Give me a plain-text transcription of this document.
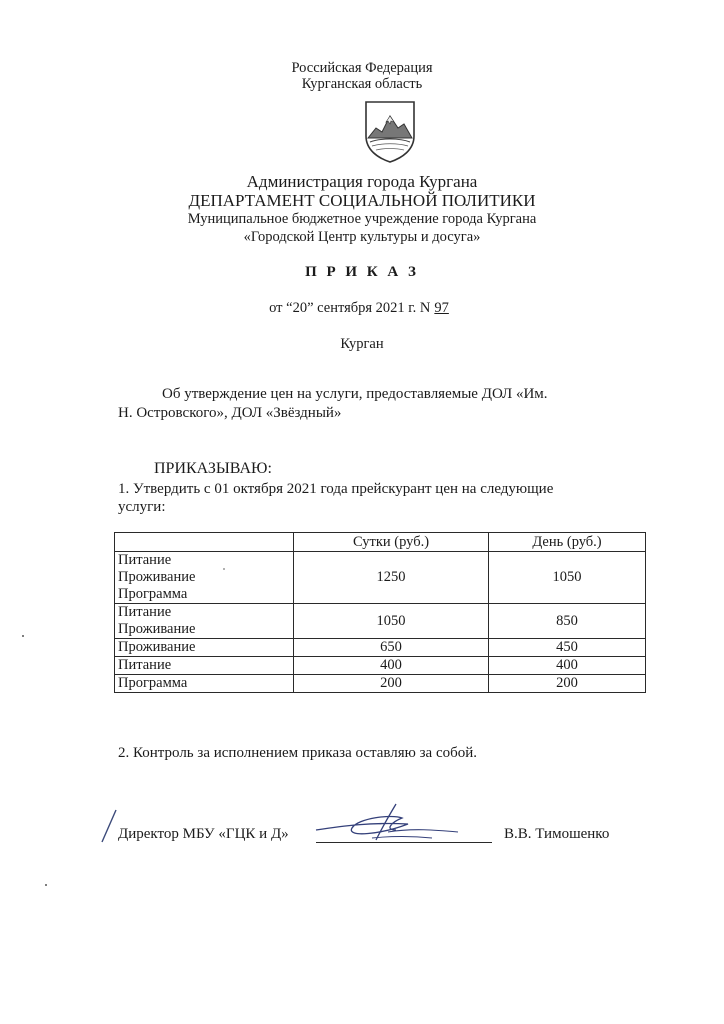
Российская Федерация
Курганская область
Администрация города Кургана
ДЕПАРТАМЕНТ СОЦИАЛЬНОЙ ПОЛИТИКИ
Муниципальное бюджетное учреждение города Кургана
«Городской Центр культуры и досуга»
П Р И К А З
от “20” сентября 2021 г. N 97
Курган
Об утверждение цен на услуги, предоставляемые ДОЛ «Им.
Н. Островского», ДОЛ «Звёздный»
ПРИКАЗЫВАЮ:
1. Утвердить с 01 октября 2021 года прейскурант цен на следующие
услуги:
	Сутки (руб.)	День (руб.)

Питание
Проживание
Программа	1250	1050

Питание
Проживание	1050	850
Проживание	650	450
Питание	400	400
Программа	200	200
2. Контроль за исполнением приказа оставляю за собой.
Директор МБУ «ГЦК и Д»	В.В. Тимошенко
